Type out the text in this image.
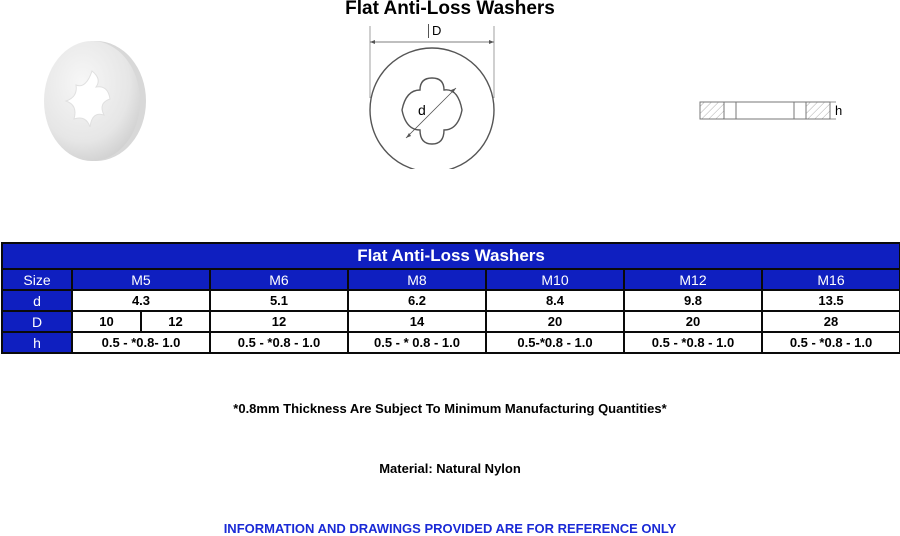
Flat Anti-Loss Washers
D
d	h
Flat Anti-Loss Washers							
Size	M5		M6	M8	M10	M12	M16
d	4.3		5.1	6.2	8.4	9.8	13.5
D	10	12	12	14	20	20	28
h	0.5 - *0.8- 1.0		0.5 - *0.8 - 1.0	0.5 - * 0.8 - 1.0	0.5-*0.8 - 1.0	0.5 - *0.8 - 1.0	0.5 - *0.8 - 1.0
*0.8mm Thickness Are Subject To Minimum Manufacturing Quantities*
Material: Natural Nylon
INFORMATION AND DRAWINGS PROVIDED ARE FOR REFERENCE ONLY
